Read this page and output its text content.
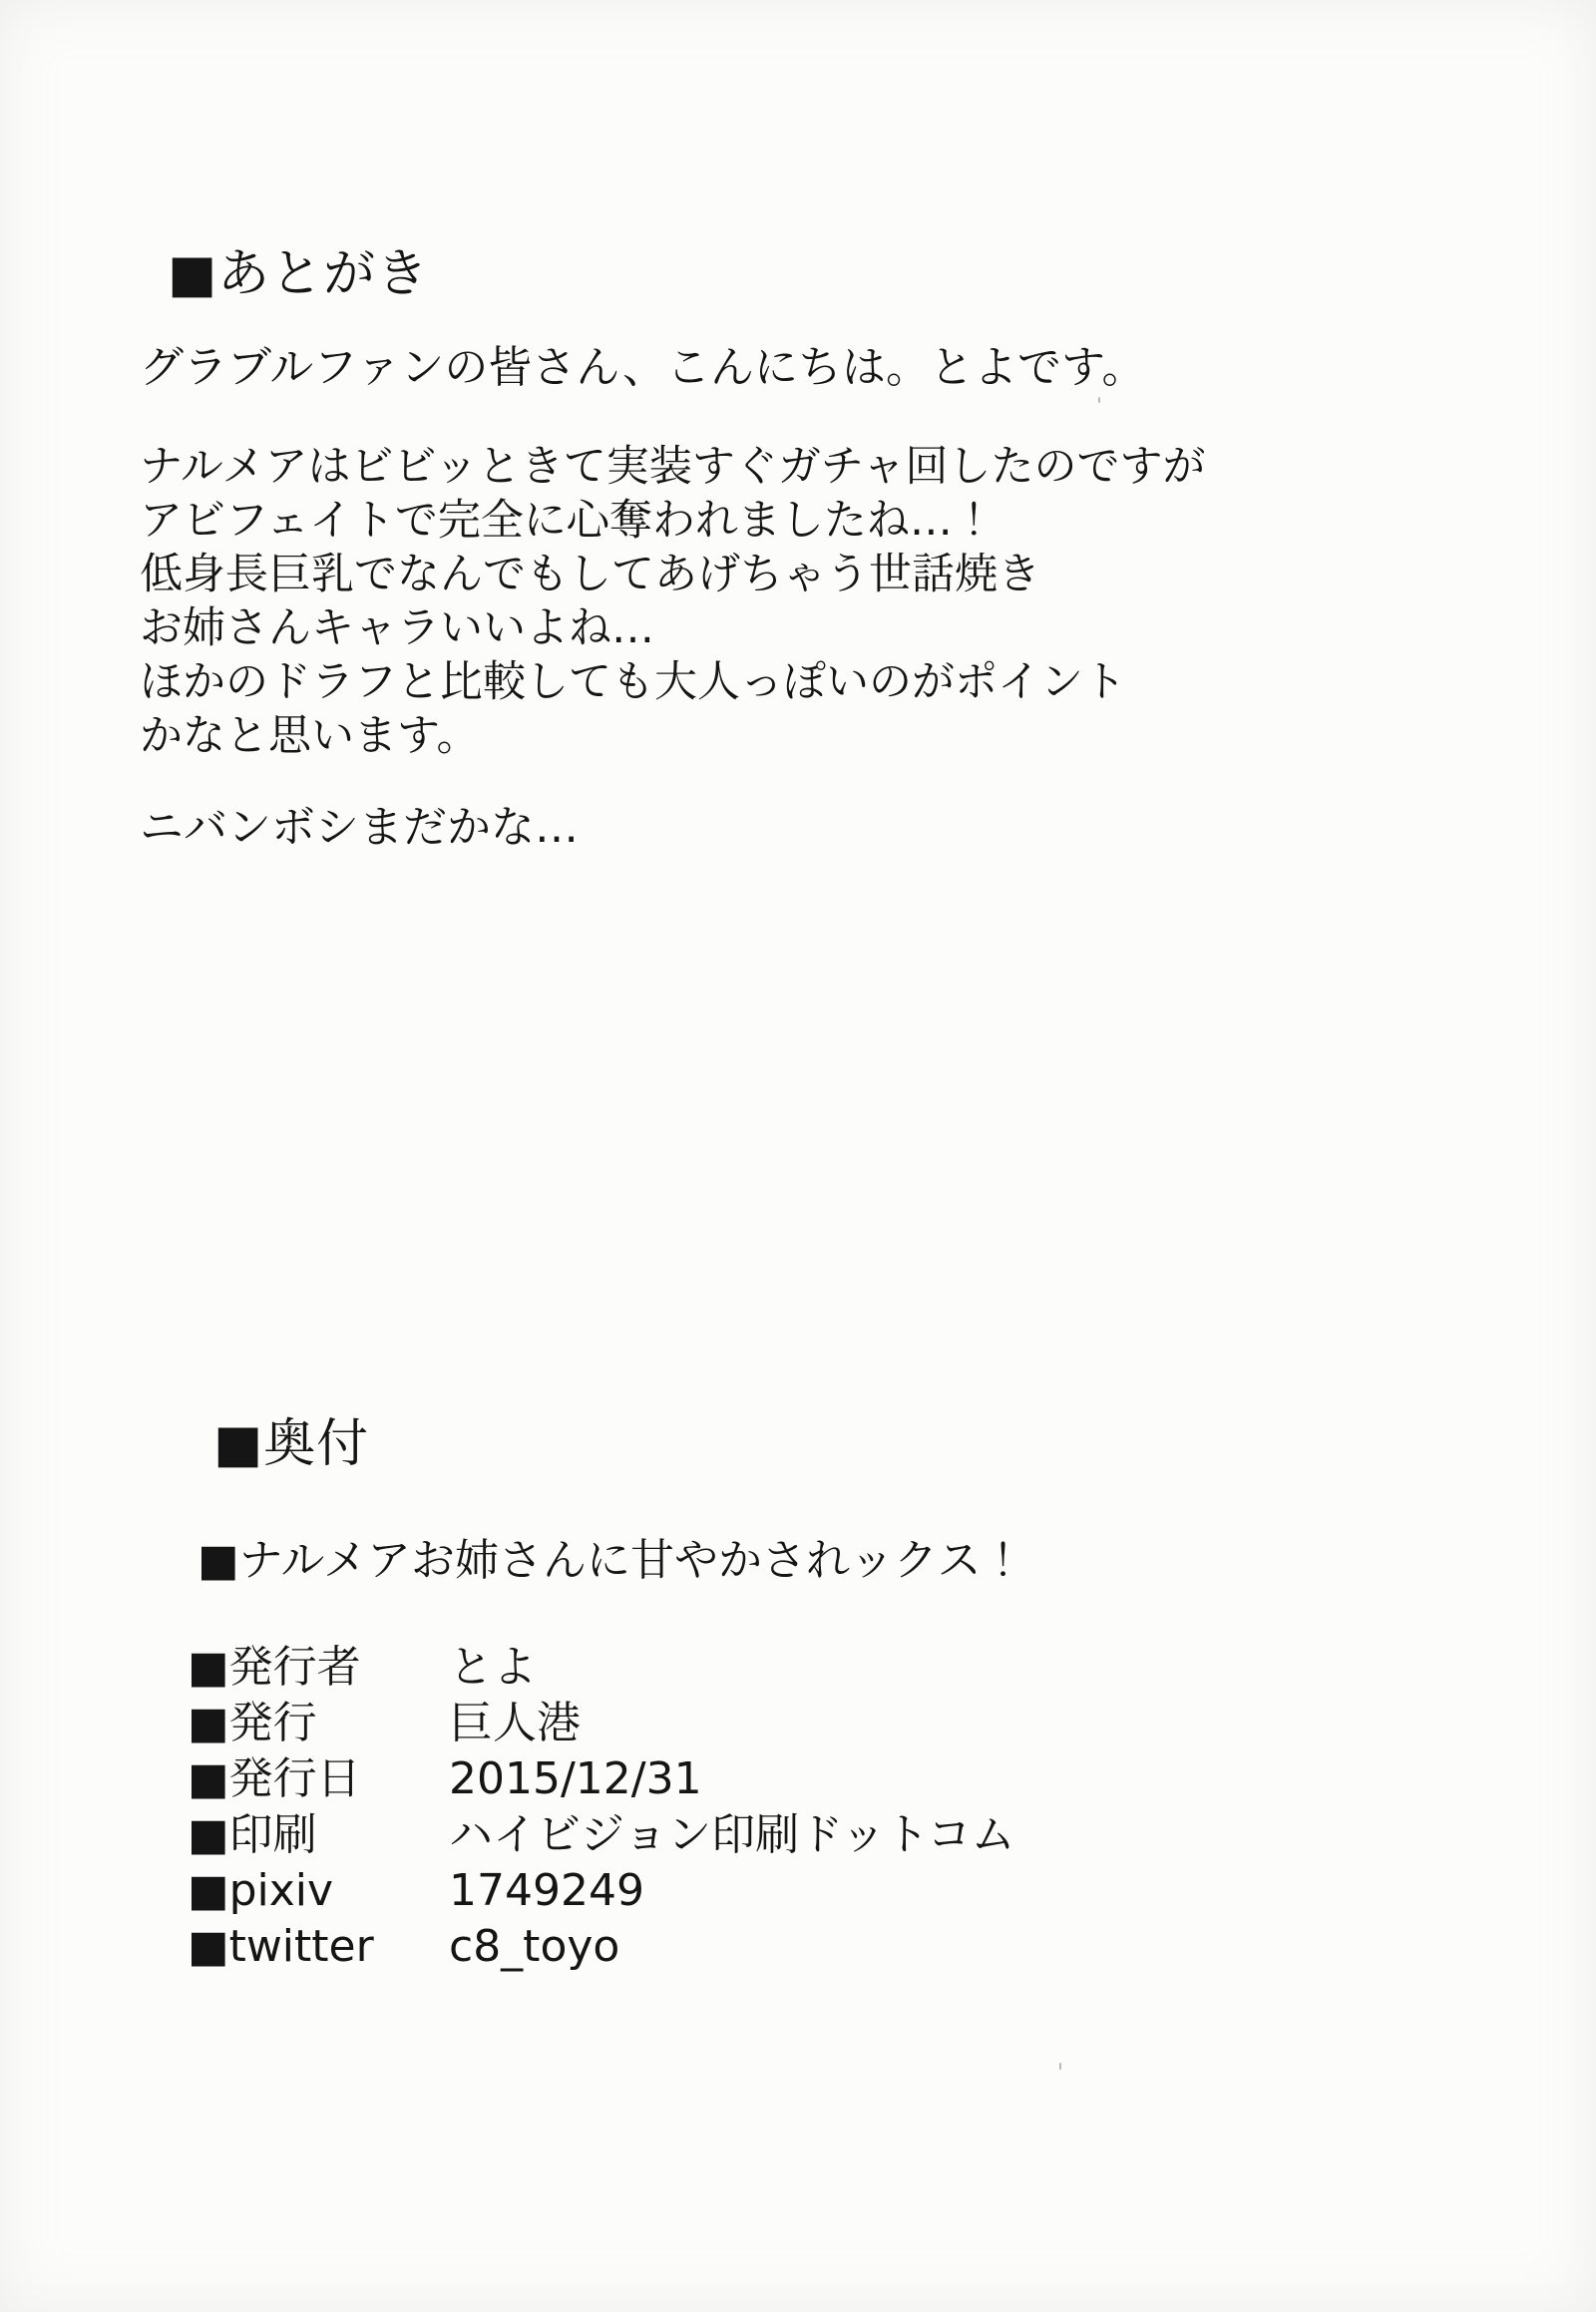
■あとがき

グラブルファンの皆さん、こんにちは。とよです。

ナルメアはビビッときて実装すぐガチャ回したのですが
アビフェイトで完全に心奪われましたね…！
低身長巨乳でなんでもしてあげちゃう世話焼き
お姉さんキャラいいよね…
ほかのドラフと比較しても大人っぽいのがポイント
かなと思います。

ニバンボシまだかな…

■奥付

■ナルメアお姉さんに甘やかされックス！

■発行者	とよ
■発行	巨人港
■発行日	2015/12/31
■印刷	ハイビジョン印刷ドットコム
■pixiv	1749249
■twitter	c8_toyo
